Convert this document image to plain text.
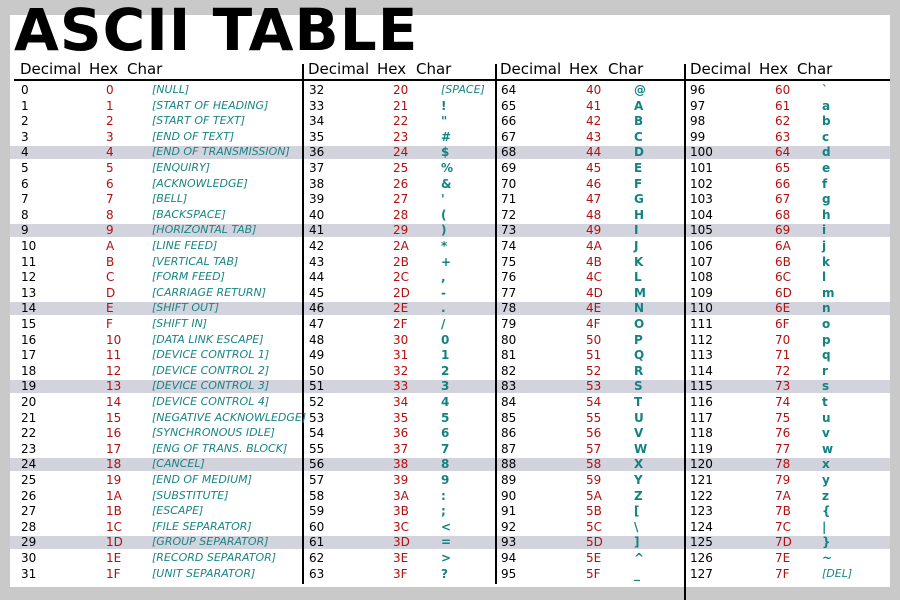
ASCII TABLE
Decimal Hex Char	Decimal Hex Char	Decimal Hex Char	Decimal Hex Char
0	0	[NULL]
1	1	[START OF HEADING]
2	2	[START OF TEXT]
3	3	[END OF TEXT]
4	4	[END OF TRANSMISSION]
5	5	[ENQUIRY]
6	6	[ACKNOWLEDGE]
7	7	[BELL]
8	8	[BACKSPACE]
9	9	[HORIZONTAL TAB]
10	A	[LINE FEED]
11	B	[VERTICAL TAB]
12	C	[FORM FEED]
13	D	[CARRIAGE RETURN]
14	E	[SHIFT OUT]
15	F	[SHIFT IN]
16	10	[DATA LINK ESCAPE]
17	11	[DEVICE CONTROL 1]
18	12	[DEVICE CONTROL 2]
19	13	[DEVICE CONTROL 3]
20	14	[DEVICE CONTROL 4]
21	15	[NEGATIVE ACKNOWLEDGE]
22	16	[SYNCHRONOUS IDLE]
23	17	[ENG OF TRANS. BLOCK]
24	18	[CANCEL]
25	19	[END OF MEDIUM]
26	1A	[SUBSTITUTE]
27	1B	[ESCAPE]
28	1C	[FILE SEPARATOR]
29	1D	[GROUP SEPARATOR]
30	1E	[RECORD SEPARATOR]
31	1F	[UNIT SEPARATOR]
32	20	[SPACE]
33	21	!
34	22	"
35	23	#
36	24	$
37	25	%
38	26	&
39	27	'
40	28	(
41	29	)
42	2A	*
43	2B	+
44	2C	,
45	2D	-
46	2E	.
47	2F	/
48	30	0
49	31	1
50	32	2
51	33	3
52	34	4
53	35	5
54	36	6
55	37	7
56	38	8
57	39	9
58	3A	:
59	3B	;
60	3C	<
61	3D	=
62	3E	>
63	3F	?
64	40	@
65	41	A
66	42	B
67	43	C
68	44	D
69	45	E
70	46	F
71	47	G
72	48	H
73	49	I
74	4A	J
75	4B	K
76	4C	L
77	4D	M
78	4E	N
79	4F	O
80	50	P
81	51	Q
82	52	R
83	53	S
84	54	T
85	55	U
86	56	V
87	57	W
88	58	X
89	59	Y
90	5A	Z
91	5B	[
92	5C	\
93	5D	]
94	5E	^
95	5F	_
96	60	`
97	61	a
98	62	b
99	63	c
100	64	d
101	65	e
102	66	f
103	67	g
104	68	h
105	69	i
106	6A	j
107	6B	k
108	6C	l
109	6D	m
110	6E	n
111	6F	o
112	70	p
113	71	q
114	72	r
115	73	s
116	74	t
117	75	u
118	76	v
119	77	w
120	78	x
121	79	y
122	7A	z
123	7B	{
124	7C	|
125	7D	}
126	7E	~
127	7F	[DEL]
